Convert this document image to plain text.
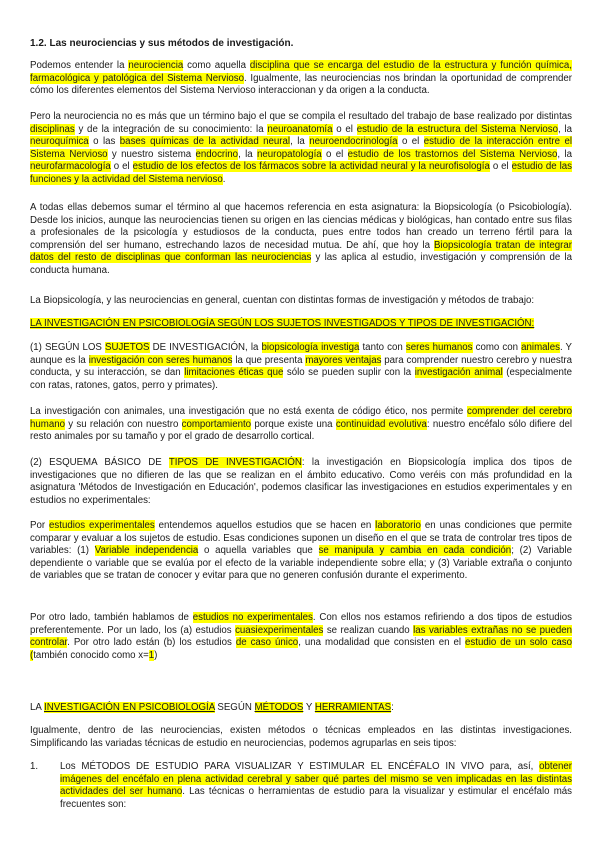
1.2. Las neurociencias y sus métodos de investigación.

Podemos entender la neurociencia como aquella disciplina que se encarga del estudio de la estructura y función química, farmacológica y patológica del Sistema Nervioso. Igualmente, las neurociencias nos brindan la oportunidad de comprender cómo los diferentes elementos del Sistema Nervioso interaccionan y da origen a la conducta.

Pero la neurociencia no es más que un término bajo el que se compila el resultado del trabajo de base realizado por distintas disciplinas y de la integración de su conocimiento: la neuroanatomía o el estudio de la estructura del Sistema Nervioso, la neuroquímica o las bases químicas de la actividad neural, la neuroendocrinología o el estudio de la interacción entre el Sistema Nervioso y nuestro sistema endocrino, la neuropatología o el estudio de los trastornos del Sistema Nervioso, la neurofarmacología o el estudio de los efectos de los fármacos sobre la actividad neural y la neurofisología o el estudio de las funciones y la actividad del Sistema nervioso.

A todas ellas debemos sumar el término al que hacemos referencia en esta asignatura: la Biopsicología (o Psicobiología). Desde los inicios, aunque las neurociencias tienen su origen en las ciencias médicas y biológicas, han contado entre sus filas a profesionales de la psicología y estudiosos de la conducta, pues entre todos han creado un terreno fértil para la comprensión del ser humano, estrechando lazos de necesidad mutua. De ahí, que hoy la Biopsicología tratan de integrar datos del resto de disciplinas que conforman las neurociencias y las aplica al estudio, investigación y comprensión de la conducta humana.

La Biopsicología, y las neurociencias en general, cuentan con distintas formas de investigación y métodos de trabajo:

LA INVESTIGACIÓN EN PSICOBIOLOGÍA SEGÚN LOS SUJETOS INVESTIGADOS Y TIPOS DE INVESTIGACIÓN:

(1) SEGÚN LOS SUJETOS DE INVESTIGACIÓN, la biopsicología investiga tanto con seres humanos como con animales. Y aunque es la investigación con seres humanos la que presenta mayores ventajas para comprender nuestro cerebro y nuestra conducta, y su interacción, se dan limitaciones éticas que sólo se pueden suplir con la investigación animal (especialmente con ratas, ratones, gatos, perro y primates).

La investigación con animales, una investigación que no está exenta de código ético, nos permite comprender del cerebro humano y su relación con nuestro comportamiento porque existe una continuidad evolutiva: nuestro encéfalo sólo difiere del resto animales por su tamaño y por el grado de desarrollo cortical.

(2) ESQUEMA BÁSICO DE TIPOS DE INVESTIGACIÓN: la investigación en Biopsicología implica dos tipos de investigaciones que no difieren de las que se realizan en el ámbito educativo. Como veréis con más profundidad en la asignatura 'Métodos de Investigación en Educación', podemos clasificar las investigaciones en estudios experimentales y en estudios no experimentales:

Por estudios experimentales entendemos aquellos estudios que se hacen en laboratorio en unas condiciones que permite comparar y evaluar a los sujetos de estudio. Esas condiciones suponen un diseño en el que se trata de controlar tres tipos de variables: (1) Variable independencia o aquella variables que se manipula y cambia en cada condición; (2) Variable dependiente o variable que se evalúa por el efecto de la variable independiente sobre ella; y (3) Variable extraña o conjunto de variables que se tratan de conocer y evitar para que no generen confusión durante el experimento.

Por otro lado, también hablamos de estudios no experimentales. Con ellos nos estamos refiriendo a dos tipos de estudios preferentemente. Por un lado, los (a) estudios cuasiexperimentales se realizan cuando las variables extrañas no se pueden controlar. Por otro lado están (b) los estudios de caso único, una modalidad que consisten en el estudio de un solo caso (también conocido como x=1)

LA INVESTIGACIÓN EN PSICOBIOLOGÍA SEGÚN MÉTODOS Y HERRAMIENTAS:

Igualmente, dentro de las neurociencias, existen métodos o técnicas empleados en las distintas investigaciones. Simplificando las variadas técnicas de estudio en neurociencias, podemos agruparlas en seis tipos:

1. Los MÉTODOS DE ESTUDIO PARA VISUALIZAR Y ESTIMULAR EL ENCÉFALO IN VIVO para, así, obtener imágenes del encéfalo en plena actividad cerebral y saber qué partes del mismo se ven implicadas en las distintas actividades del ser humano. Las técnicas o herramientas de estudio para la visualizar y estimular el encéfalo más frecuentes son:
